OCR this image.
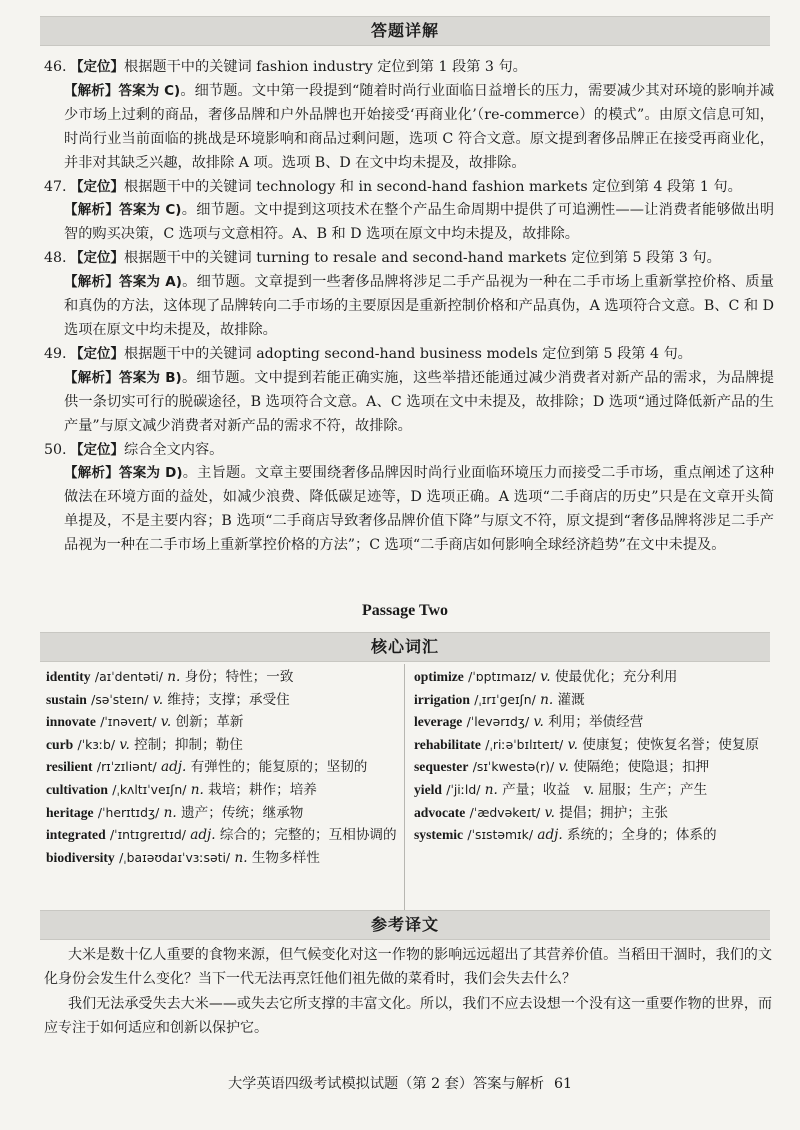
答题详解
46. 【定位】根据题干中的关键词 fashion industry 定位到第 1 段第 3 句。
【解析】答案为 C)。细节题。文中第一段提到“随着时尚行业面临日益增长的压力，需要减少其对环境的影响并减少市场上过剩的商品，奢侈品牌和户外品牌也开始接受‘再商业化’（re-commerce）的模式”。由原文信息可知，时尚行业当前面临的挑战是环境影响和商品过剩问题，选项 C 符合文意。原文提到奢侈品牌正在接受再商业化，并非对其缺乏兴趣，故排除 A 项。选项 B、D 在文中均未提及，故排除。
47. 【定位】根据题干中的关键词 technology 和 in second-hand fashion markets 定位到第 4 段第 1 句。
【解析】答案为 C)。细节题。文中提到这项技术在整个产品生命周期中提供了可追溯性——让消费者能够做出明智的购买决策，C 选项与文意相符。A、B 和 D 选项在原文中均未提及，故排除。
48. 【定位】根据题干中的关键词 turning to resale and second-hand markets 定位到第 5 段第 3 句。
【解析】答案为 A)。细节题。文章提到一些奢侈品牌将涉足二手产品视为一种在二手市场上重新掌控价格、质量和真伪的方法，这体现了品牌转向二手市场的主要原因是重新控制价格和产品真伪，A 选项符合文意。B、C 和 D 选项在原文中均未提及，故排除。
49. 【定位】根据题干中的关键词 adopting second-hand business models 定位到第 5 段第 4 句。
【解析】答案为 B)。细节题。文中提到若能正确实施，这些举措还能通过减少消费者对新产品的需求，为品牌提供一条切实可行的脱碳途径，B 选项符合文意。A、C 选项在文中未提及，故排除；D 选项“通过降低新产品的生产量”与原文减少消费者对新产品的需求不符，故排除。
50. 【定位】综合全文内容。
【解析】答案为 D)。主旨题。文章主要围绕奢侈品牌因时尚行业面临环境压力而接受二手市场，重点阐述了这种做法在环境方面的益处，如减少浪费、降低碳足迹等，D 选项正确。A 选项“二手商店的历史”只是在文章开头简单提及，不是主要内容；B 选项“二手商店导致奢侈品牌价值下降”与原文不符，原文提到“奢侈品牌将涉足二手产品视为一种在二手市场上重新掌控价格的方法”；C 选项“二手商店如何影响全球经济趋势”在文中未提及。
Passage Two
核心词汇
identity /aɪˈdentəti/ n. 身份；特性；一致
sustain /səˈsteɪn/ v. 维持；支撑；承受住
innovate /ˈɪnəveɪt/ v. 创新；革新
curb /ˈkɜːb/ v. 控制；抑制；勒住
resilient /rɪˈzɪliənt/ adj. 有弹性的；能复原的；坚韧的
cultivation /ˌkʌltɪˈveɪʃn/ n. 栽培；耕作；培养
heritage /ˈherɪtɪdʒ/ n. 遗产；传统；继承物
integrated /ˈɪntɪgreɪtɪd/ adj. 综合的；完整的；互相协调的
biodiversity /ˌbaɪəʊdaɪˈvɜːsəti/ n. 生物多样性
optimize /ˈɒptɪmaɪz/ v. 使最优化；充分利用
irrigation /ˌɪrɪˈgeɪʃn/ n. 灌溉
leverage /ˈlevərɪdʒ/ v. 利用；举债经营
rehabilitate /ˌriːəˈbɪlɪteɪt/ v. 使康复；使恢复名誉；使复原
sequester /sɪˈkwestə(r)/ v. 使隔绝；使隐退；扣押
yield /ˈjiːld/ n. 产量；收益　v. 屈服；生产；产生
advocate /ˈædvəkeɪt/ v. 提倡；拥护；主张
systemic /ˈsɪstəmɪk/ adj. 系统的；全身的；体系的
参考译文

大米是数十亿人重要的食物来源，但气候变化对这一作物的影响远远超出了其营养价值。当稻田干涸时，我们的文化身份会发生什么变化？当下一代无法再烹饪他们祖先做的菜肴时，我们会失去什么？

我们无法承受失去大米——或失去它所支撑的丰富文化。所以，我们不应去设想一个没有这一重要作物的世界，而应专注于如何适应和创新以保护它。

大学英语四级考试模拟试题（第 2 套）答案与解析 61
